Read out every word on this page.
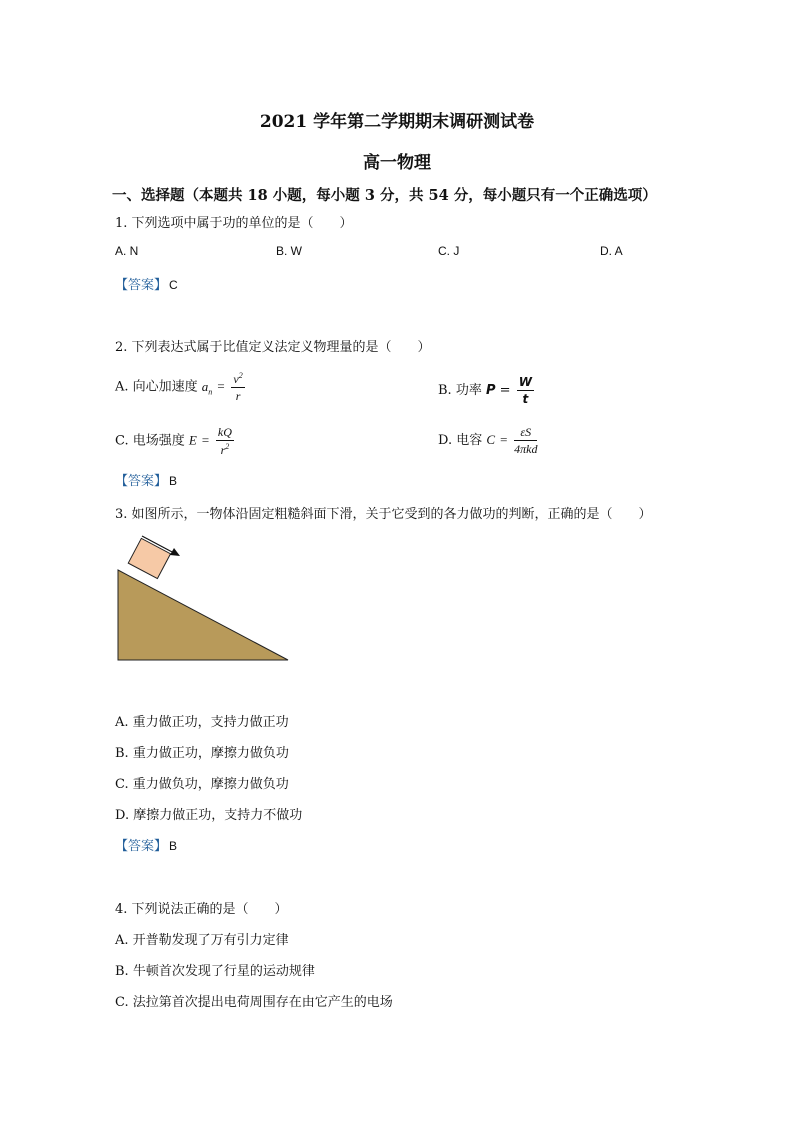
2021 学年第二学期期末调研测试卷
高一物理
一、选择题（本题共 18 小题，每小题 3 分，共 54 分，每小题只有一个正确选项）
1. 下列选项中属于功的单位的是（　　）
A. N	B. W	C. J	D. A
【答案】 C
2. 下列表达式属于比值定义法定义物理量的是（　　）
A. 向心加速度 $a_n = \frac{v^2}{r}$	B. 功率 $P = \frac{W}{t}$
C. 电场强度 $E = \frac{kQ}{r^2}$	D. 电容 $C = \frac{\varepsilon S}{\text{4πkd}}$
【答案】 B
3. 如图所示，一物体沿固定粗糙斜面下滑，关于它受到的各力做功的判断，正确的是（　　）
A. 重力做正功，支持力做正功
B. 重力做正功，摩擦力做负功
C. 重力做负功，摩擦力做负功
D. 摩擦力做正功，支持力不做功
【答案】 B
4. 下列说法正确的是（　　）
A. 开普勒发现了万有引力定律
B. 牛顿首次发现了行星的运动规律
C. 法拉第首次提出电荷周围存在由它产生的电场
